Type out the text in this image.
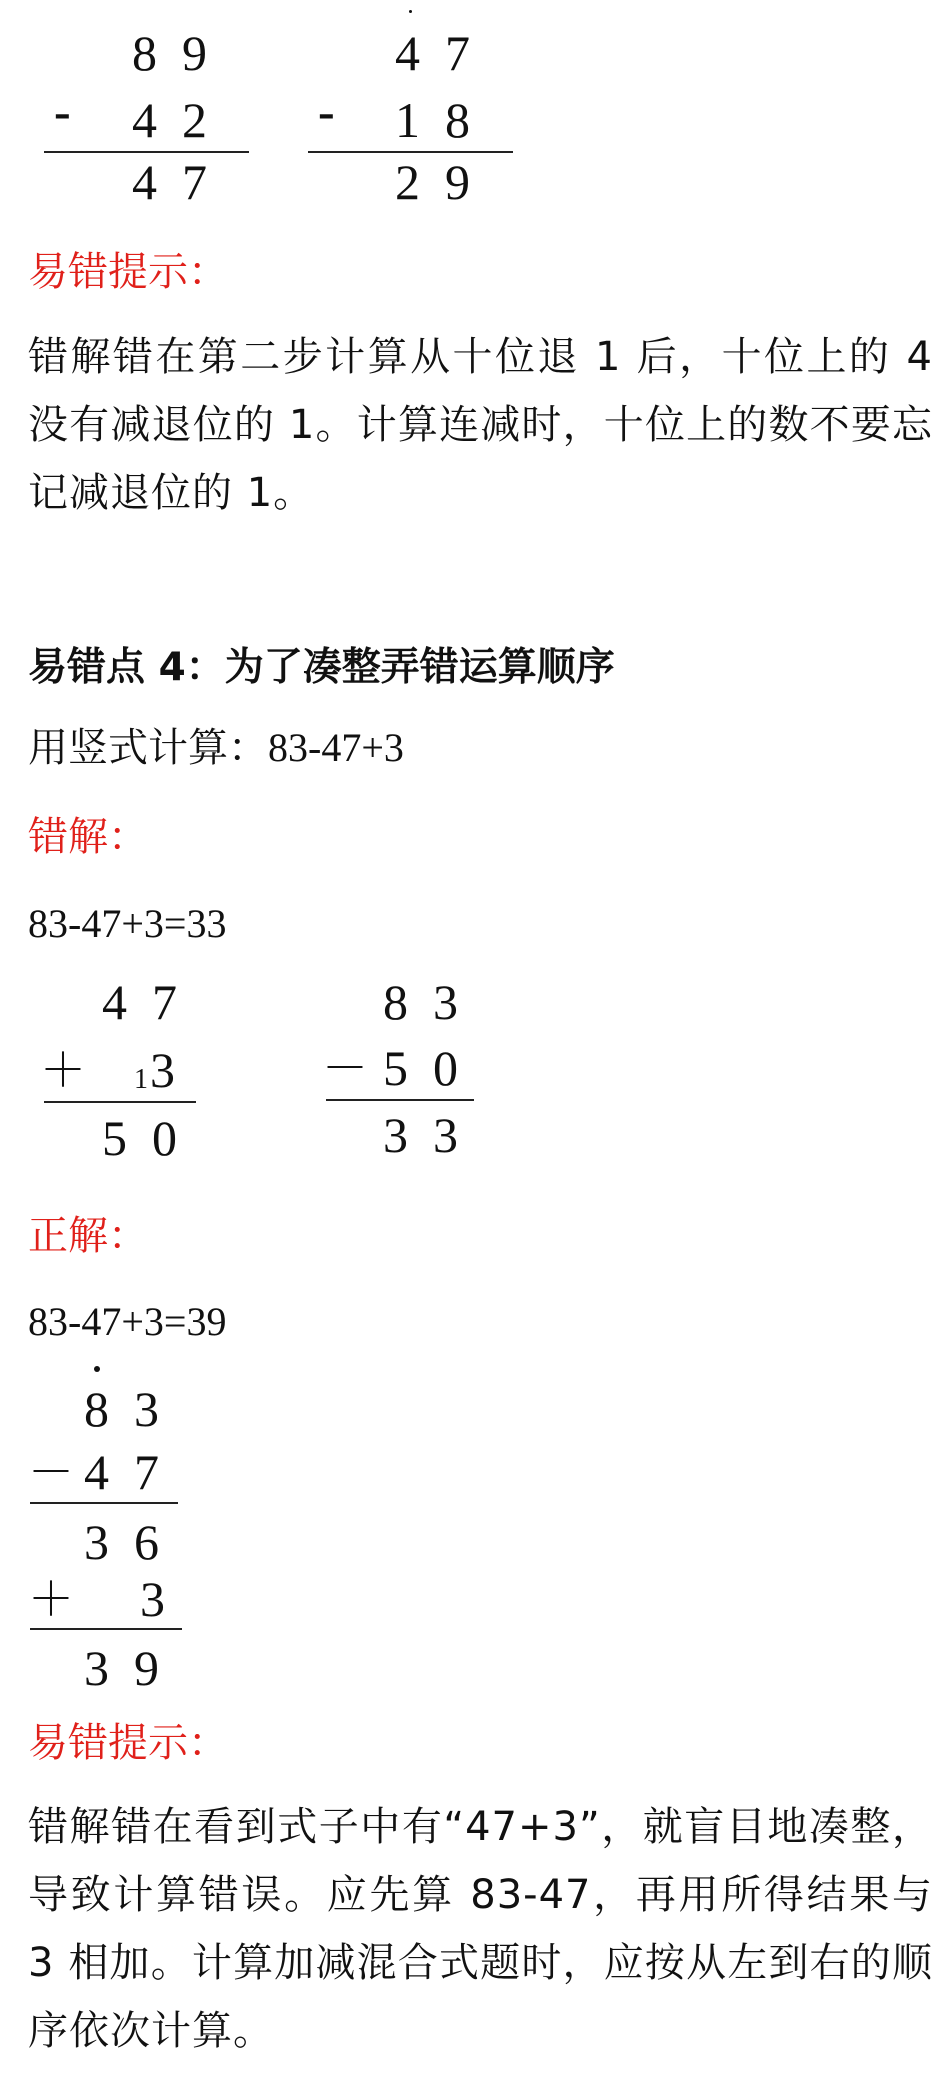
8  9
- 4  2
4  7
4  7
- 1  8
2  9
易错提示：
错解错在第二步计算从十位退 1 后，十位上的 4 没有减退位的 1。计算连减时，十位上的数不要忘记减退位的 1。
易错点 4：为了凑整弄错运算顺序
用竖式计算：83-47+3
错解：
83-47+3=33
4  7
＋ 1 3
5  0
8  3
－ 5  0
3  3
正解：
83-47+3=39
8  3
－ 4  7
3  6
＋ 3
3  9
易错提示：
错解错在看到式子中有“47+3”，就盲目地凑整，导致计算错误。应先算 83-47，再用所得结果与 3 相加。计算加减混合式题时，应按从左到右的顺序依次计算。
